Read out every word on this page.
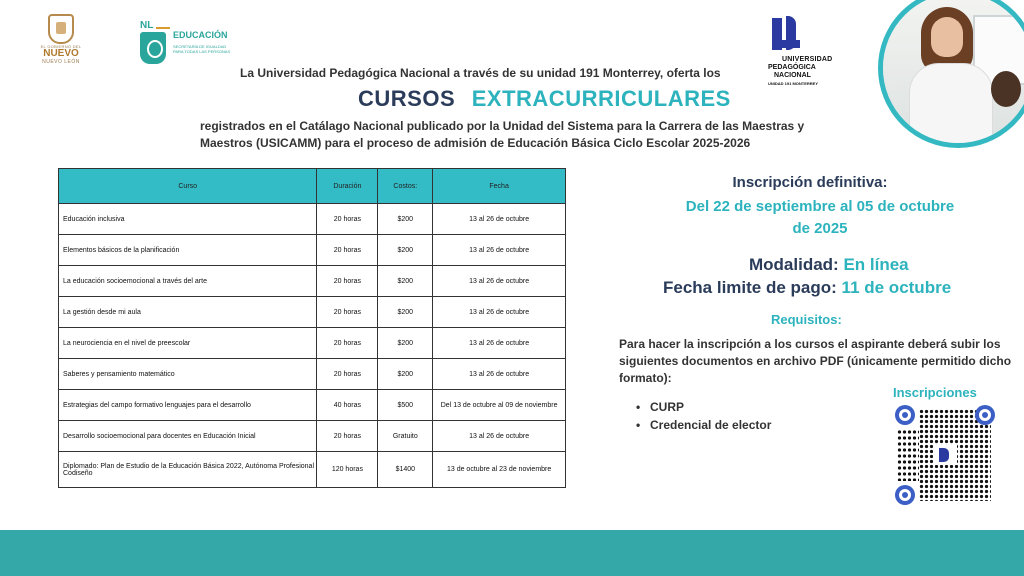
EL GOBIERNO DEL
NUEVO
NUEVO LEÓN
NL
EDUCACIÓN
SECRETARÍA DE IGUALDAD PARA TODAS LAS PERSONAS
UNIVERSIDAD
PEDAGÓGICA
NACIONAL
UNIDAD 191 MONTERREY
La Universidad Pedagógica Nacional a través de su unidad 191 Monterrey, oferta los
CURSOS EXTRACURRICULARES
registrados en el Catálago Nacional publicado por la Unidad del Sistema para la Carrera de las Maestras y Maestros (USICAMM) para el proceso de admisión de Educación Básica Ciclo Escolar 2025-2026
Curso	Duración	Costos:	Fecha
Educación inclusiva	20 horas	$200	13 al 26 de octubre
Elementos básicos de la planificación	20 horas	$200	13 al 26 de octubre
La educación socioemocional a través del arte	20 horas	$200	13 al 26 de octubre
La gestión desde mi aula	20 horas	$200	13 al 26 de octubre
La neurociencia en el nivel de preescolar	20 horas	$200	13 al 26 de octubre
Saberes y pensamiento matemático	20 horas	$200	13 al 26 de octubre
Estrategias del campo formativo lenguajes para el desarrollo	40 horas	$500	Del 13 de octubre al 09 de noviembre
Desarrollo socioemocional para docentes en Educación Inicial	20 horas	Gratuito	13 al 26 de octubre
Diplomado: Plan de Estudio de la Educación Básica 2022, Autónoma Profesional Codiseño	120 horas	$1400	13 de octubre al 23 de noviembre
Inscripción definitiva:
Del 22 de septiembre al 05 de octubre de 2025
Modalidad: En línea
Fecha limite de pago: 11 de octubre
Requisitos:
Para hacer la inscripción a los cursos el aspirante deberá subir los siguientes documentos en archivo PDF (únicamente permitido dicho formato):
• CURP
• Credencial de elector
Inscripciones
